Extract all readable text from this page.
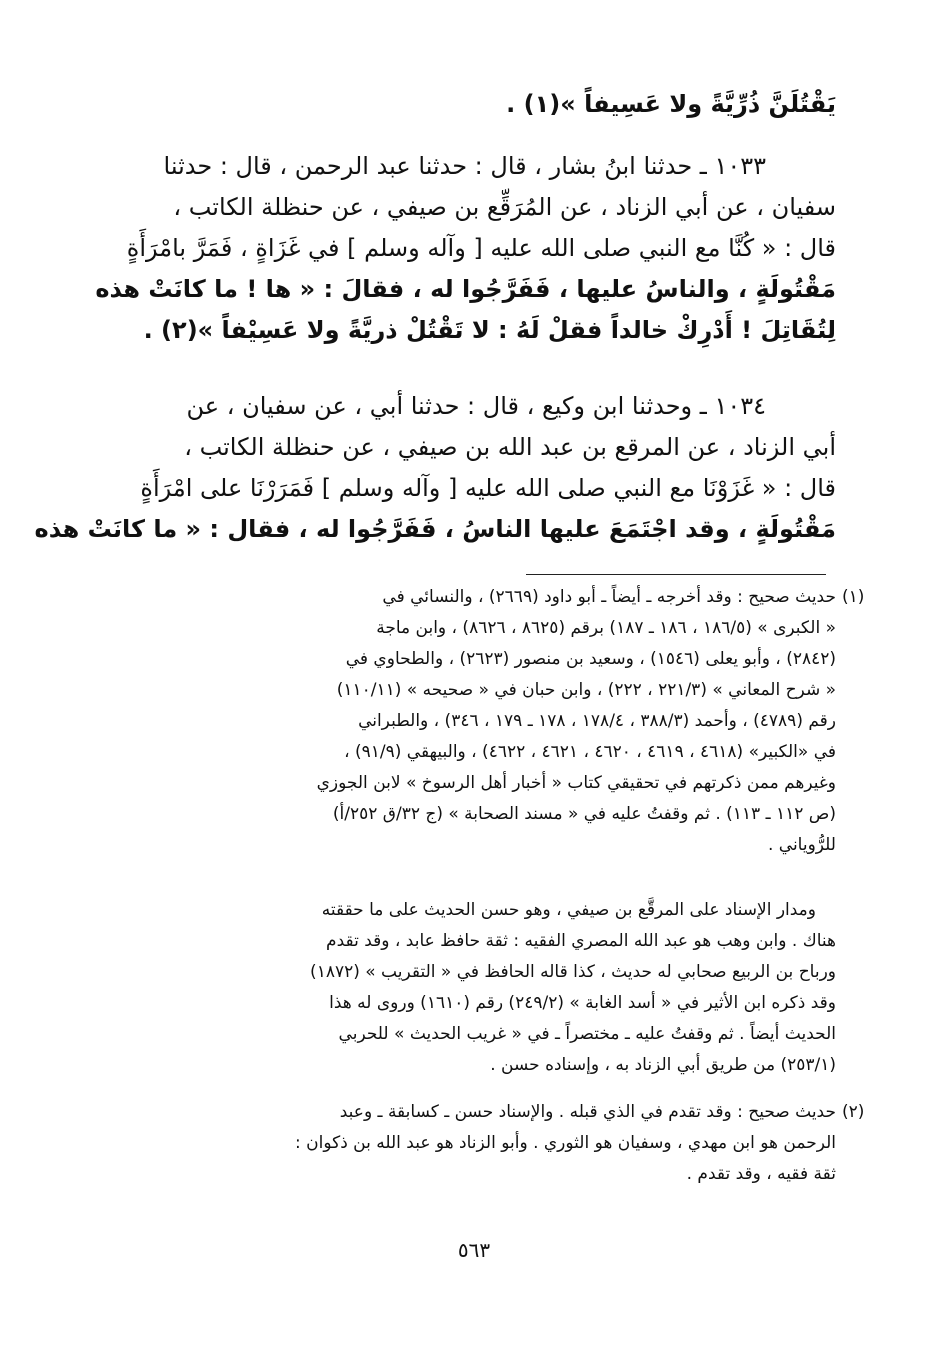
يَقْتُلَنَّ ذُرِّيَّةً ولا عَسِيفاً »(١) .
١٠٣٣ ـ حدثنا ابنُ بشار ، قال : حدثنا عبد الرحمن ، قال : حدثنا
سفيان ، عن أبي الزناد ، عن المُرَقِّع بن صيفي ، عن حنظلة الكاتب ،
قال : « كُنَّا مع النبي صلى الله عليه [ وآله وسلم ] في غَزَاةٍ ، فَمَرَّ بامْرَأَةٍ
مَقْتُولَةٍ ، والناسُ عليها ، فَفَرَّجُوا له ، فقالَ : « ها ! ما كانَتْ هذه
لِتُقَاتِلَ ! أَدْرِكْ خالداً فقلْ لَهُ : لا تَقْتُلْ ذريَّةً ولا عَسِيْفاً »(٢) .
١٠٣٤ ـ وحدثنا ابن وكيع ، قال : حدثنا أبي ، عن سفيان ، عن
أبي الزناد ، عن المرقع بن عبد الله بن صيفي ، عن حنظلة الكاتب ،
قال : « غَزَوْنَا مع النبي صلى الله عليه [ وآله وسلم ] فَمَرَرْنَا على امْرَأَةٍ
مَقْتُولَةٍ ، وقد اجْتَمَعَ عليها الناسُ ، فَفَرَّجُوا له ، فقال : « ما كانَتْ هذه
(١)
حديث صحيح : وقد أخرجه ـ أيضاً ـ أبو داود (٢٦٦٩) ، والنسائي في
« الكبرى » (١٨٦/٥ ، ١٨٦ ـ ١٨٧) برقم (٨٦٢٥ ، ٨٦٢٦) ، وابن ماجة
(٢٨٤٢) ، وأبو يعلى (١٥٤٦) ، وسعيد بن منصور (٢٦٢٣) ، والطحاوي في
« شرح المعاني » (٢٢١/٣ ، ٢٢٢) ، وابن حبان في « صحيحه » (١١٠/١١)
رقم (٤٧٨٩) ، وأحمد (٣٨٨/٣ ، ١٧٨/٤ ، ١٧٨ ـ ١٧٩ ، ٣٤٦) ، والطبراني
في «الكبير» (٤٦١٨ ، ٤٦١٩ ، ٤٦٢٠ ، ٤٦٢١ ، ٤٦٢٢) ، والبيهقي (٩١/٩) ،
وغيرهم ممن ذكرتهم في تحقيقي كتاب « أخبار أهل الرسوخ » لابن الجوزي
(ص ١١٢ ـ ١١٣) . ثم وقفتُ عليه في « مسند الصحابة » (ج ٣٢/ق ٢٥٢/أ)
للرُّوياني .
ومدار الإسناد على المرقَّع بن صيفي ، وهو حسن الحديث على ما حققته
هناك . وابن وهب هو عبد الله المصري الفقيه : ثقة حافظ عابد ، وقد تقدم
ورباح بن الربيع صحابي له حديث ، كذا قاله الحافظ في « التقريب » (١٨٧٢)
وقد ذكره ابن الأثير في « أسد الغابة » (٢٤٩/٢) رقم (١٦١٠) وروى له هذا
الحديث أيضاً . ثم وقفتُ عليه ـ مختصراً ـ في « غريب الحديث » للحربي
(٢٥٣/١) من طريق أبي الزناد به ، وإسناده حسن .
(٢)
حديث صحيح : وقد تقدم في الذي قبله . والإسناد حسن ـ كسابقة ـ وعبد
الرحمن هو ابن مهدي ، وسفيان هو الثوري . وأبو الزناد هو عبد الله بن ذكوان :
ثقة فقيه ، وقد تقدم .
٥٦٣
